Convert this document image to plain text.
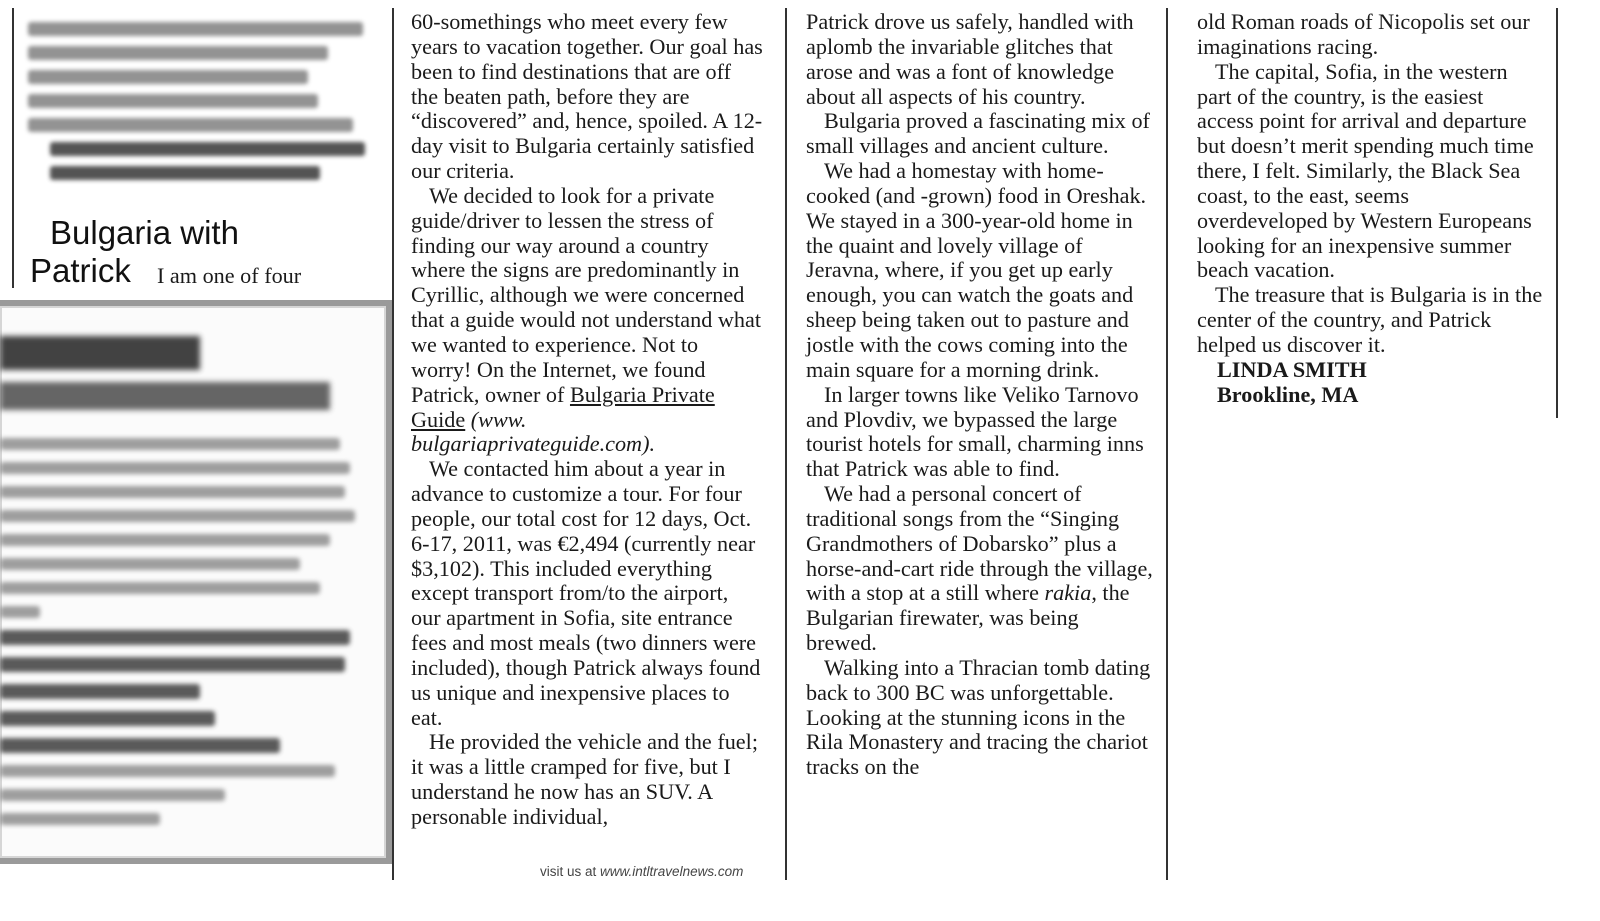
Bulgaria with
Patrick	I am one of four

60-somethings who meet every few years to vacation together. Our goal has been to find destinations that are off the beaten path, before they are “discovered” and, hence, spoiled. A 12-day visit to Bulgaria certainly satisfied our criteria.

We decided to look for a private guide/driver to lessen the stress of finding our way around a country where the signs are predominantly in Cyrillic, although we were concerned that a guide would not understand what we wanted to experience. Not to worry! On the Internet, we found Patrick, owner of Bulgaria Private Guide (www. bulgariaprivateguide.com).

We contacted him about a year in advance to customize a tour. For four people, our total cost for 12 days, Oct. 6-17, 2011, was €2,494 (currently near $3,102). This included everything except transport from/to the airport, our apartment in Sofia, site entrance fees and most meals (two dinners were included), though Patrick always found us unique and inexpensive places to eat.

He provided the vehicle and the fuel; it was a little cramped for five, but I understand he now has an SUV. A personable individual,

Patrick drove us safely, handled with aplomb the invariable glitches that arose and was a font of knowledge about all aspects of his country.

Bulgaria proved a fascinating mix of small villages and ancient culture.

We had a homestay with home-cooked (and -grown) food in Oreshak. We stayed in a 300-year-old home in the quaint and lovely village of Jeravna, where, if you get up early enough, you can watch the goats and sheep being taken out to pasture and jostle with the cows coming into the main square for a morning drink.

In larger towns like Veliko Tarnovo and Plovdiv, we bypassed the large tourist hotels for small, charming inns that Patrick was able to find.

We had a personal concert of traditional songs from the “Singing Grandmothers of Dobarsko” plus a horse-and-cart ride through the village, with a stop at a still where rakia, the Bulgarian firewater, was being brewed.

Walking into a Thracian tomb dating back to 300 BC was unforgettable. Looking at the stunning icons in the Rila Monastery and tracing the chariot tracks on the

old Roman roads of Nicopolis set our imaginations racing.

The capital, Sofia, in the western part of the country, is the easiest access point for arrival and departure but doesn’t merit spending much time there, I felt. Similarly, the Black Sea coast, to the east, seems overdeveloped by Western Europeans looking for an inexpensive summer beach vacation.

The treasure that is Bulgaria is in the center of the country, and Patrick helped us discover it.

LINDA SMITH
Brookline, MA
visit us at www.intltravelnews.com
